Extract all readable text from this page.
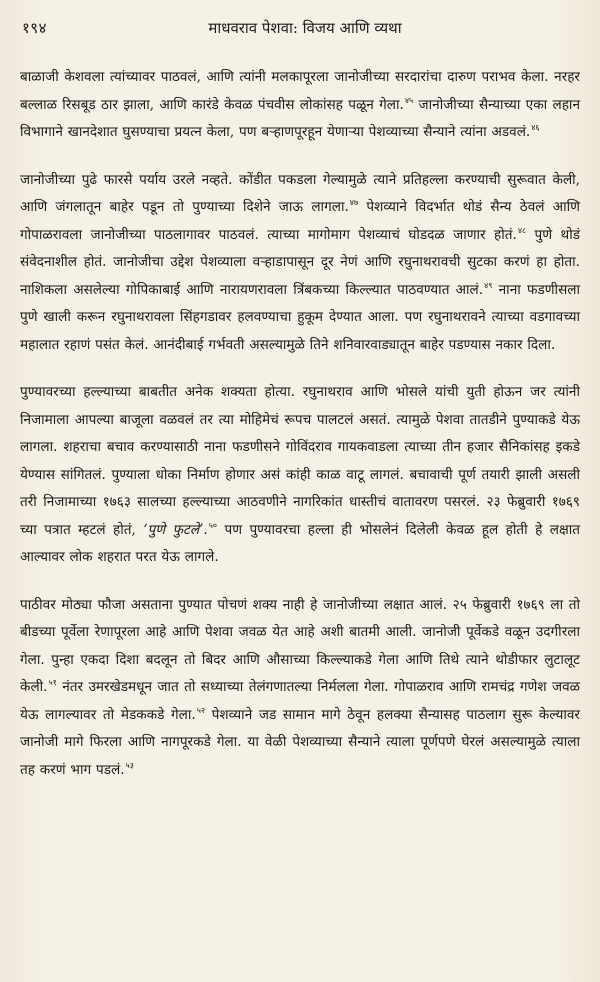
१९४	माधवराव पेशवा: विजय आणि व्यथा

बाळाजी केशवला त्यांच्यावर पाठवलं, आणि त्यांनी मलकापूरला जानोजीच्या सरदारांचा दारुण पराभव केला. नरहर बल्लाळ रिसबूड ठार झाला, आणि कारंडे केवळ पंचवीस लोकांसह पळून गेला.$^{४५}$ जानोजीच्या सैन्याच्या एका लहान विभागाने खानदेशात घुसण्याचा प्रयत्न केला, पण बऱ्हाणपूरहून येणाऱ्या पेशव्याच्या सैन्याने त्यांना अडवलं.$^{४६}$

जानोजीच्या पुढे फारसे पर्याय उरले नव्हते. कोंडीत पकडला गेल्यामुळे त्याने प्रतिहल्ला करण्याची सुरूवात केली, आणि जंगलातून बाहेर पडून तो पुण्याच्या दिशेने जाऊ लागला.$^{४७}$ पेशव्याने विदर्भात थोडं सैन्य ठेवलं आणि गोपाळरावला जानोजीच्या पाठलागावर पाठवलं. त्याच्या मागोमाग पेशव्याचं घोडदळ जाणार होतं.$^{४८}$ पुणे थोडं संवेदनाशील होतं. जानोजीचा उद्देश पेशव्याला वऱ्हाडापासून दूर नेणं आणि रघुनाथरावची सुटका करणं हा होता. नाशिकला असलेल्या गोपिकाबाई आणि नारायणरावला त्रिंबकच्या किल्ल्यात पाठवण्यात आलं.$^{४९}$ नाना फडणीसला पुणे खाली करून रघुनाथरावला सिंहगडावर हलवण्याचा हुकूम देण्यात आला. पण रघुनाथरावने त्याच्या वडगावच्या महालात रहाणं पसंत केलं. आनंदीबाई गर्भवती असल्यामुळे तिने शनिवारवाड्यातून बाहेर पडण्यास नकार दिला.

पुण्यावरच्या हल्ल्याच्या बाबतीत अनेक शक्यता होत्या. रघुनाथराव आणि भोसले यांची युती होऊन जर त्यांनी निजामाला आपल्या बाजूला वळवलं तर त्या मोहिमेचं रूपच पालटलं असतं. त्यामुळे पेशवा तातडीने पुण्याकडे येऊ लागला. शहराचा बचाव करण्यासाठी नाना फडणीसने गोविंदराव गायकवाडला त्याच्या तीन हजार सैनिकांसह इकडे येण्यास सांगितलं. पुण्याला धोका निर्माण होणार असं कांही काळ वाटू लागलं. बचावाची पूर्ण तयारी झाली असली तरी निजामाच्या १७६३ सालच्या हल्ल्याच्या आठवणीने नागरिकांत धास्तीचं वातावरण पसरलं. २३ फेब्रुवारी १७६९ च्या पत्रात म्हटलं होतं, ‘पुणे फुटले’.$^{५०}$ पण पुण्यावरचा हल्ला ही भोसलेनं दिलेली केवळ हूल होती हे लक्षात आल्यावर लोक शहरात परत येऊ लागले.

पाठीवर मोठ्या फौजा असताना पुण्यात पोचणं शक्य नाही हे जानोजीच्या लक्षात आलं. २५ फेब्रुवारी १७६९ ला तो बीडच्या पूर्वेला रेणापूरला आहे आणि पेशवा जवळ येत आहे अशी बातमी आली. जानोजी पूर्वेकडे वळून उदगीरला गेला. पुन्हा एकदा दिशा बदलून तो बिदर आणि औसाच्या किल्ल्याकडे गेला आणि तिथे त्याने थोडीफार लुटालूट केली.$^{५१}$ नंतर उमरखेडमधून जात तो सध्याच्या तेलंगणातल्या निर्मलला गेला. गोपाळराव आणि रामचंद्र गणेश जवळ येऊ लागल्यावर तो मेडककडे गेला.$^{५२}$ पेशव्याने जड सामान मागे ठेवून हलक्या सैन्यासह पाठलाग सुरू केल्यावर जानोजी मागे फिरला आणि नागपूरकडे गेला. या वेळी पेशव्याच्या सैन्याने त्याला पूर्णपणे घेरलं असल्यामुळे त्याला तह करणं भाग पडलं.$^{५३}$
